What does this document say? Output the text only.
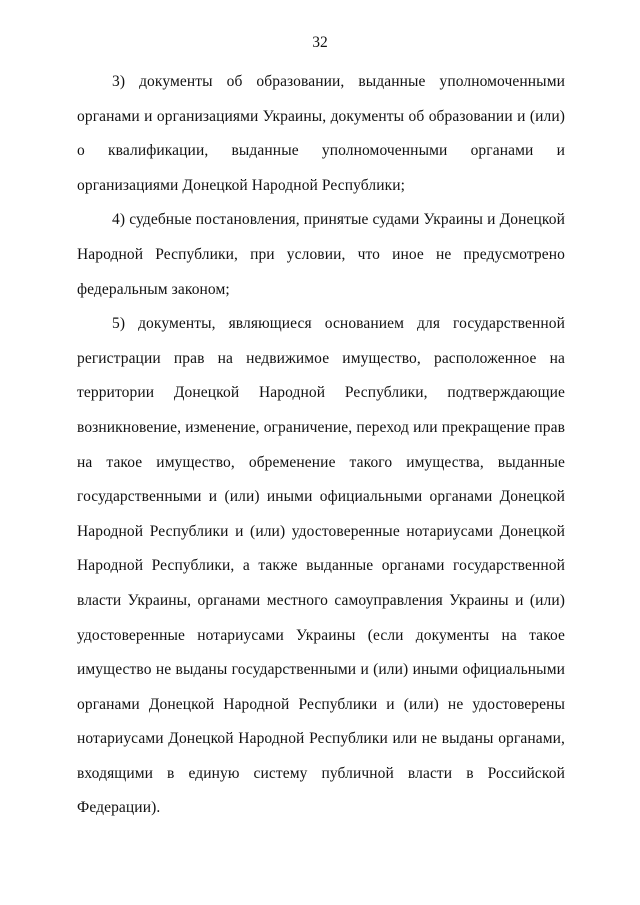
32

3) документы об образовании, выданные уполномоченными органами и организациями Украины, документы об образовании и (или) о квалификации, выданные уполномоченными органами и организациями Донецкой Народной Республики;

4) судебные постановления, принятые судами Украины и Донецкой Народной Республики, при условии, что иное не предусмотрено федеральным законом;

5) документы, являющиеся основанием для государственной регистрации прав на недвижимое имущество, расположенное на территории Донецкой Народной Республики, подтверждающие возникновение, изменение, ограничение, переход или прекращение прав на такое имущество, обременение такого имущества, выданные государственными и (или) иными официальными органами Донецкой Народной Республики и (или) удостоверенные нотариусами Донецкой Народной Республики, а также выданные органами государственной власти Украины, органами местного самоуправления Украины и (или) удостоверенные нотариусами Украины (если документы на такое имущество не выданы государственными и (или) иными официальными органами Донецкой Народной Республики и (или) не удостоверены нотариусами Донецкой Народной Республики или не выданы органами, входящими в единую систему публичной власти в Российской Федерации).
